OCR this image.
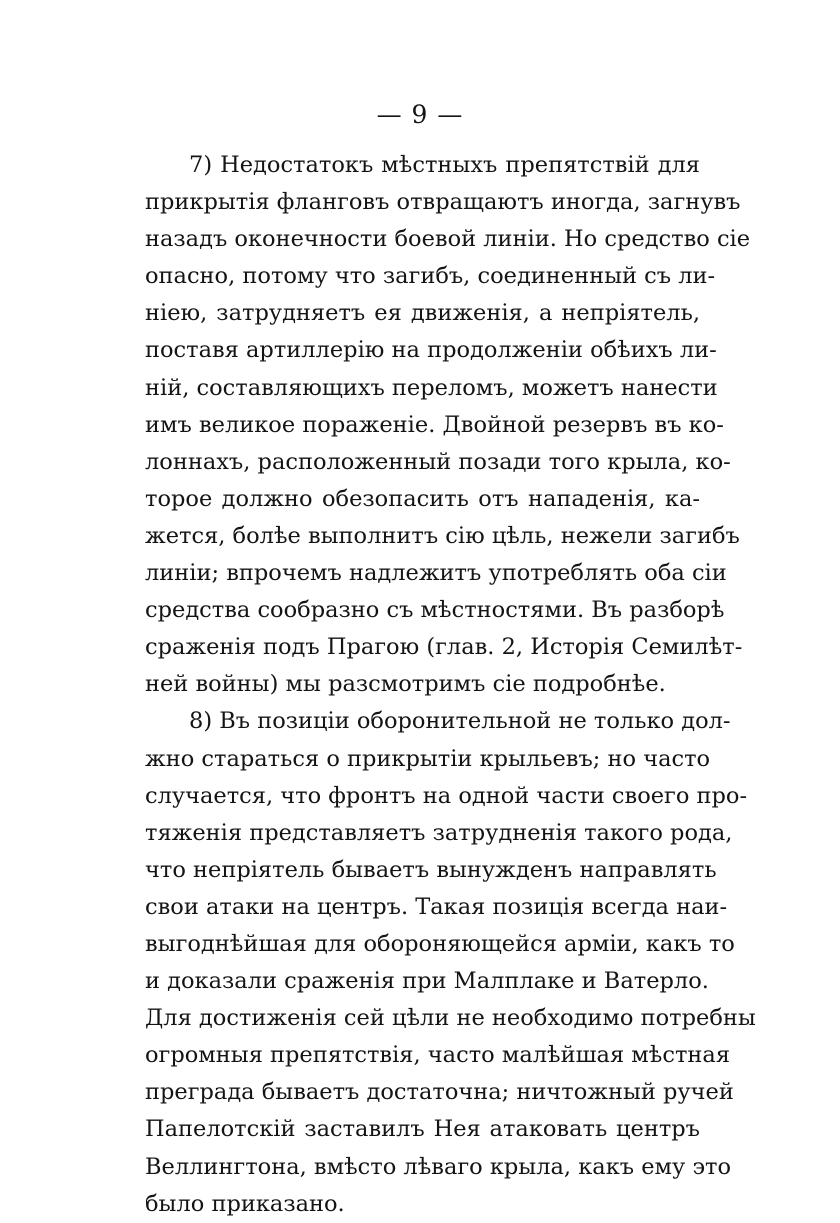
— 9 —
7) Недостатокъ мѣстныхъ препятствій для
прикрытія фланговъ отвращаютъ иногда, загнувъ
назадъ оконечности боевой линіи. Но средство сіе
опасно, потому что загибъ, соединенный съ ли-
ніею, затрудняетъ ея движенія, а непріятель,
поставя артиллерію на продолженіи обѣихъ ли-
ній, составляющихъ переломъ, можетъ нанести
имъ великое пораженіе. Двойной резервъ въ ко-
лоннахъ, расположенный позади того крыла, ко-
торое должно обезопасить отъ нападенія, ка-
жется, болѣе выполнитъ сію цѣль, нежели загибъ
линіи; впрочемъ надлежитъ употреблять оба сіи
средства сообразно съ мѣстностями. Въ разборѣ
сраженія подъ Прагою (глав. 2, Исторія Семилѣт-
ней войны) мы разсмотримъ сіе подробнѣе.
8) Въ позиціи оборонительной не только дол-
жно стараться о прикрытіи крыльевъ; но часто
случается, что фронтъ на одной части своего про-
тяженія представляетъ затрудненія такого рода,
что непріятель бываетъ вынужденъ направлять
свои атаки на центръ. Такая позиція всегда наи-
выгоднѣйшая для обороняющейся арміи, какъ то
и доказали сраженія при Малплаке и Ватерло.
Для достиженія сей цѣли не необходимо потребны
огромныя препятствія, часто малѣйшая мѣстная
преграда бываетъ достаточна; ничтожный ручей
Папелотскій заставилъ Нея атаковать центръ
Веллингтона, вмѣсто лѣваго крыла, какъ ему это
было приказано.
